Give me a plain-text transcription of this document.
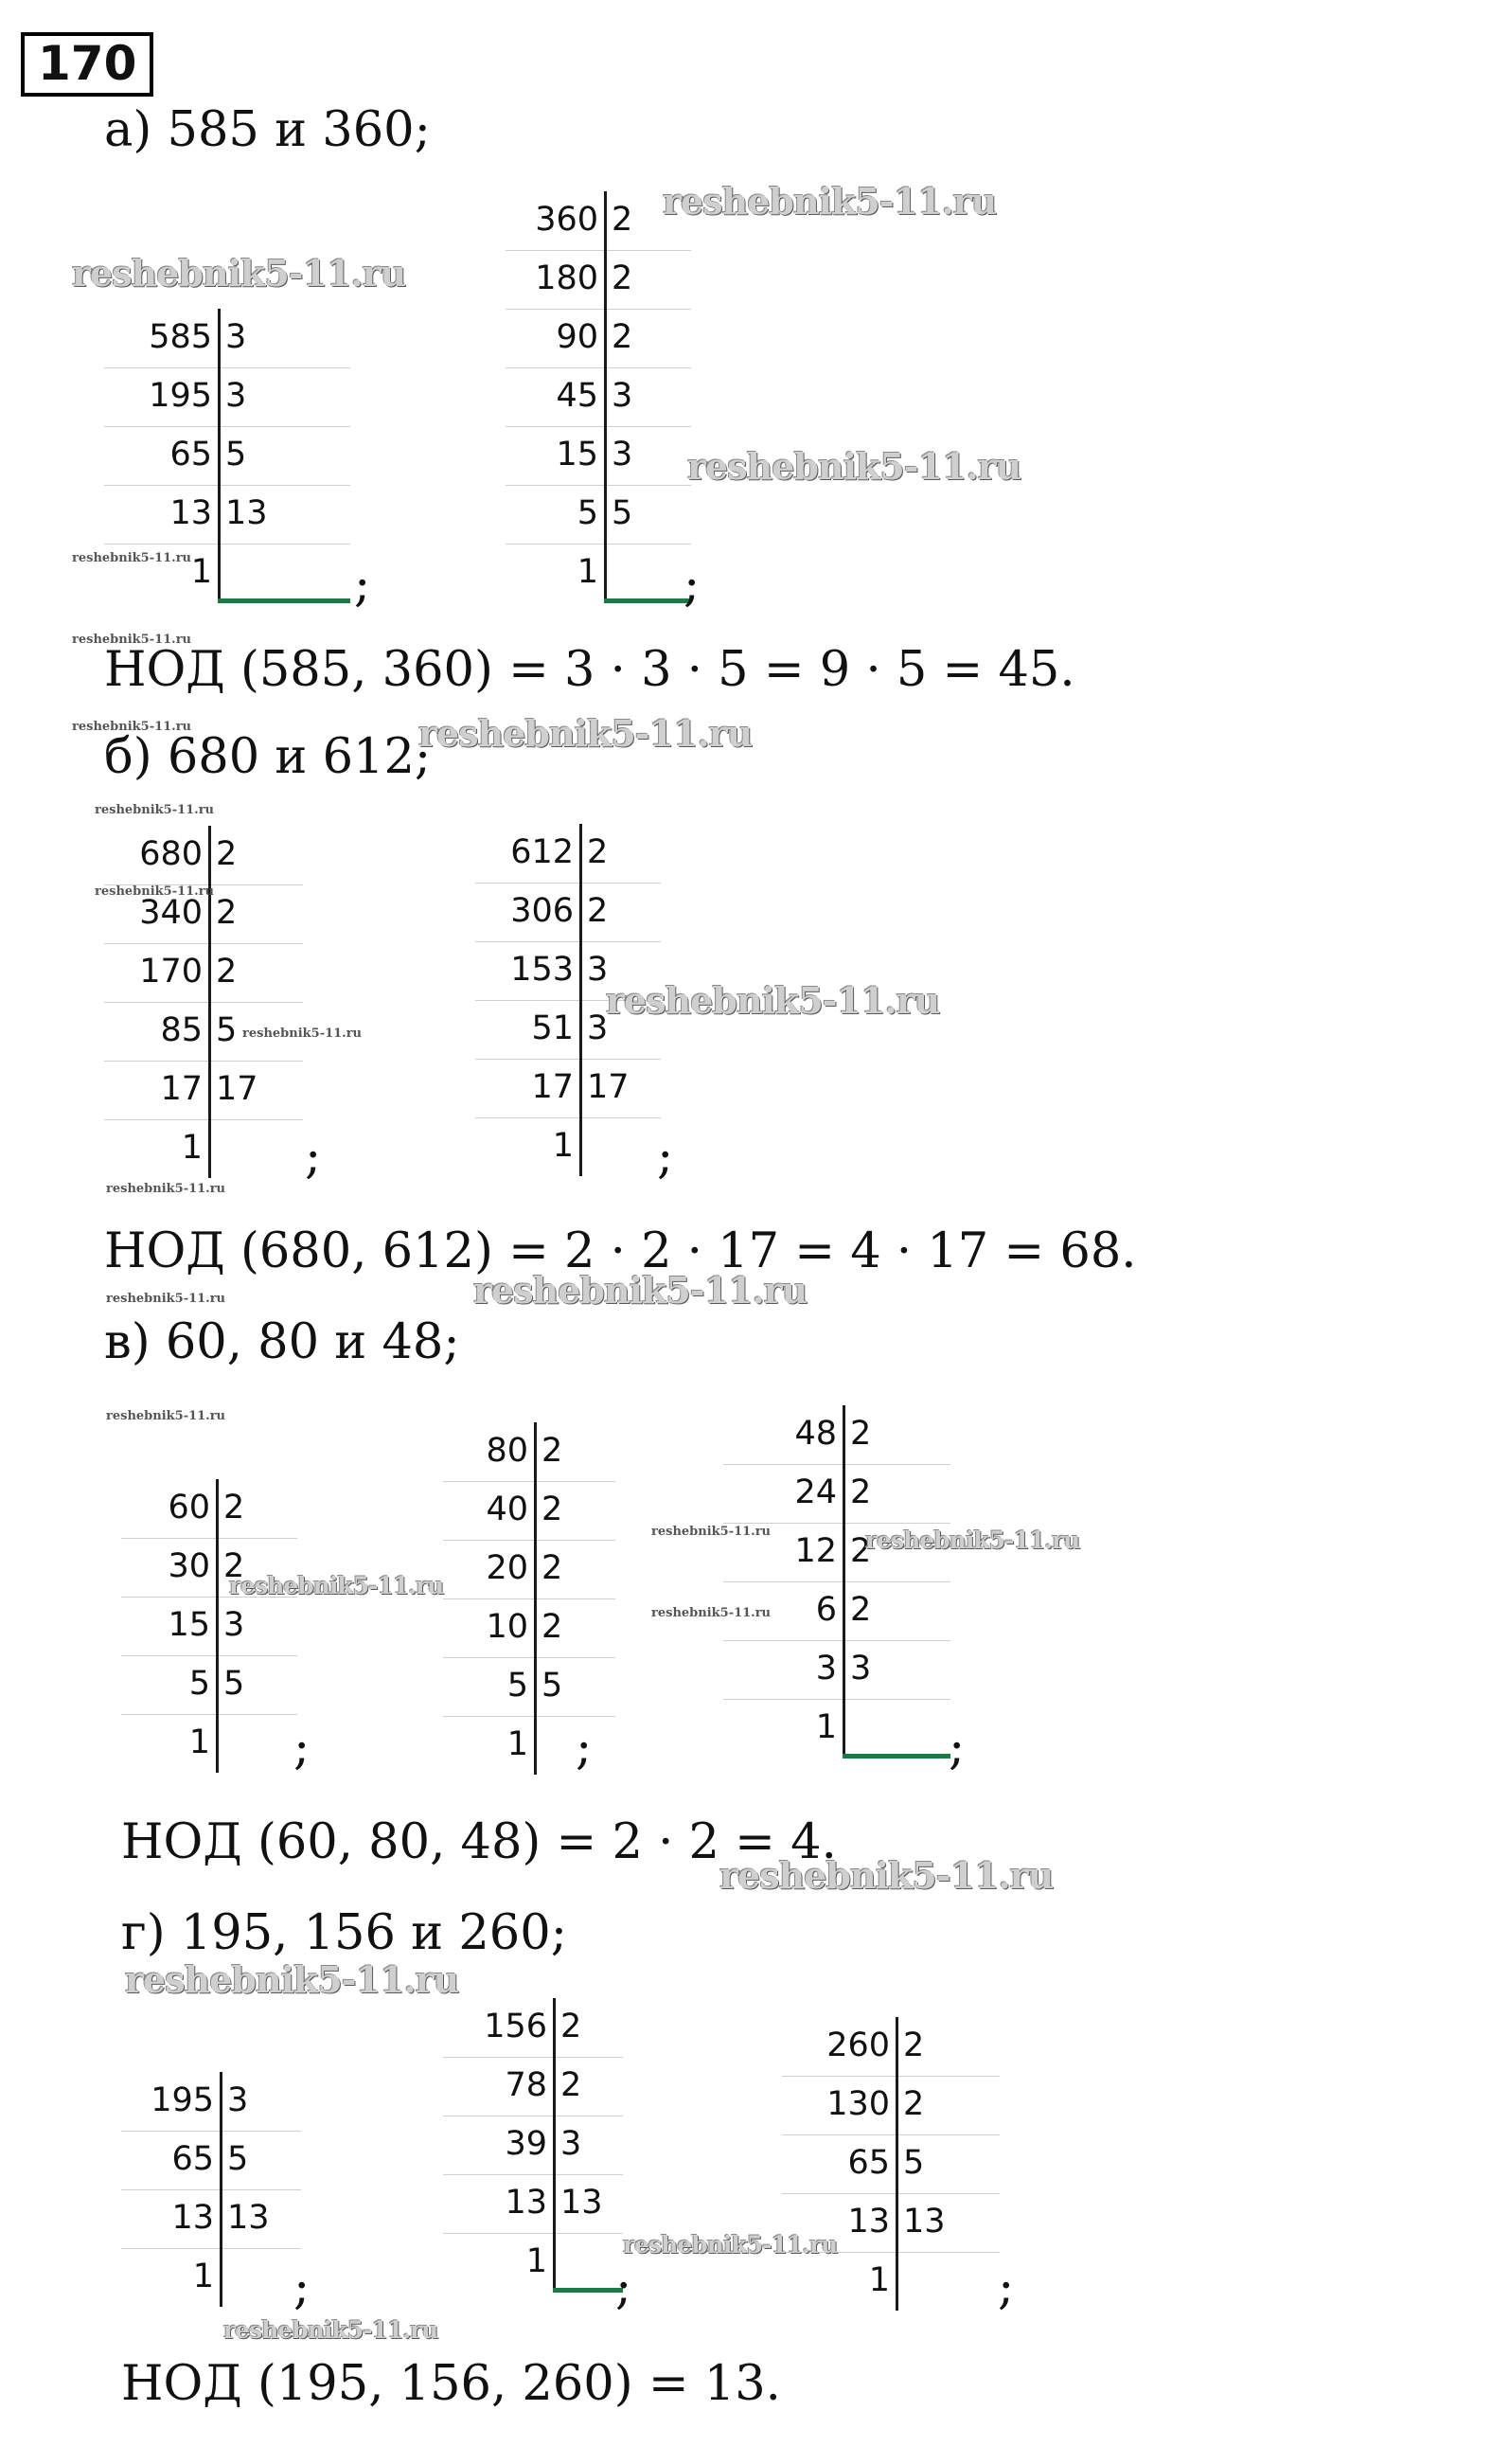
170
а) 585 и 360;
НОД (585, 360) = 3 · 3 · 5 = 9 · 5 = 45.
б) 680 и 612;
НОД (680, 612) = 2 · 2 · 17 = 4 · 17 = 68.
в) 60, 80 и 48;
НОД (60, 80, 48) = 2 · 2 = 4.
г) 195, 156 и 260;
НОД (195, 156, 260) = 13.
585 3
195 3
65 5
13 13
1
360 2
180 2
90 2
45 3
15 3
5 5
1
680 2
340 2
170 2
85 5
17 17
1
612 2
306 2
153 3
51 3
17 17
1
60 2
30 2
15 3
5 5
1
80 2
40 2
20 2
10 2
5 5
1
48 2
24 2
12 2
6 2
3 3
1
195 3
65 5
13 13
1
156 2
78 2
39 3
13 13
1
260 2
130 2
65 5
13 13
1
;	;
;	;
;	;	;
;	;	;
reshebnik5-11.ru
reshebnik5-11.ru
reshebnik5-11.ru
reshebnik5-11.ru
reshebnik5-11.ru
reshebnik5-11.ru	reshebnik5-11.ru
reshebnik5-11.ru
reshebnik5-11.ru
reshebnik5-11.ru
reshebnik5-11.ru
reshebnik5-11.ru
reshebnik5-11.ru
reshebnik5-11.ru
reshebnik5-11.ru
reshebnik5-11.ru	reshebnik5-11.ru
reshebnik5-11.ru
reshebnik5-11.ru
reshebnik5-11.ru
reshebnik5-11.ru
reshebnik5-11.ru
reshebnik5-11.ru
